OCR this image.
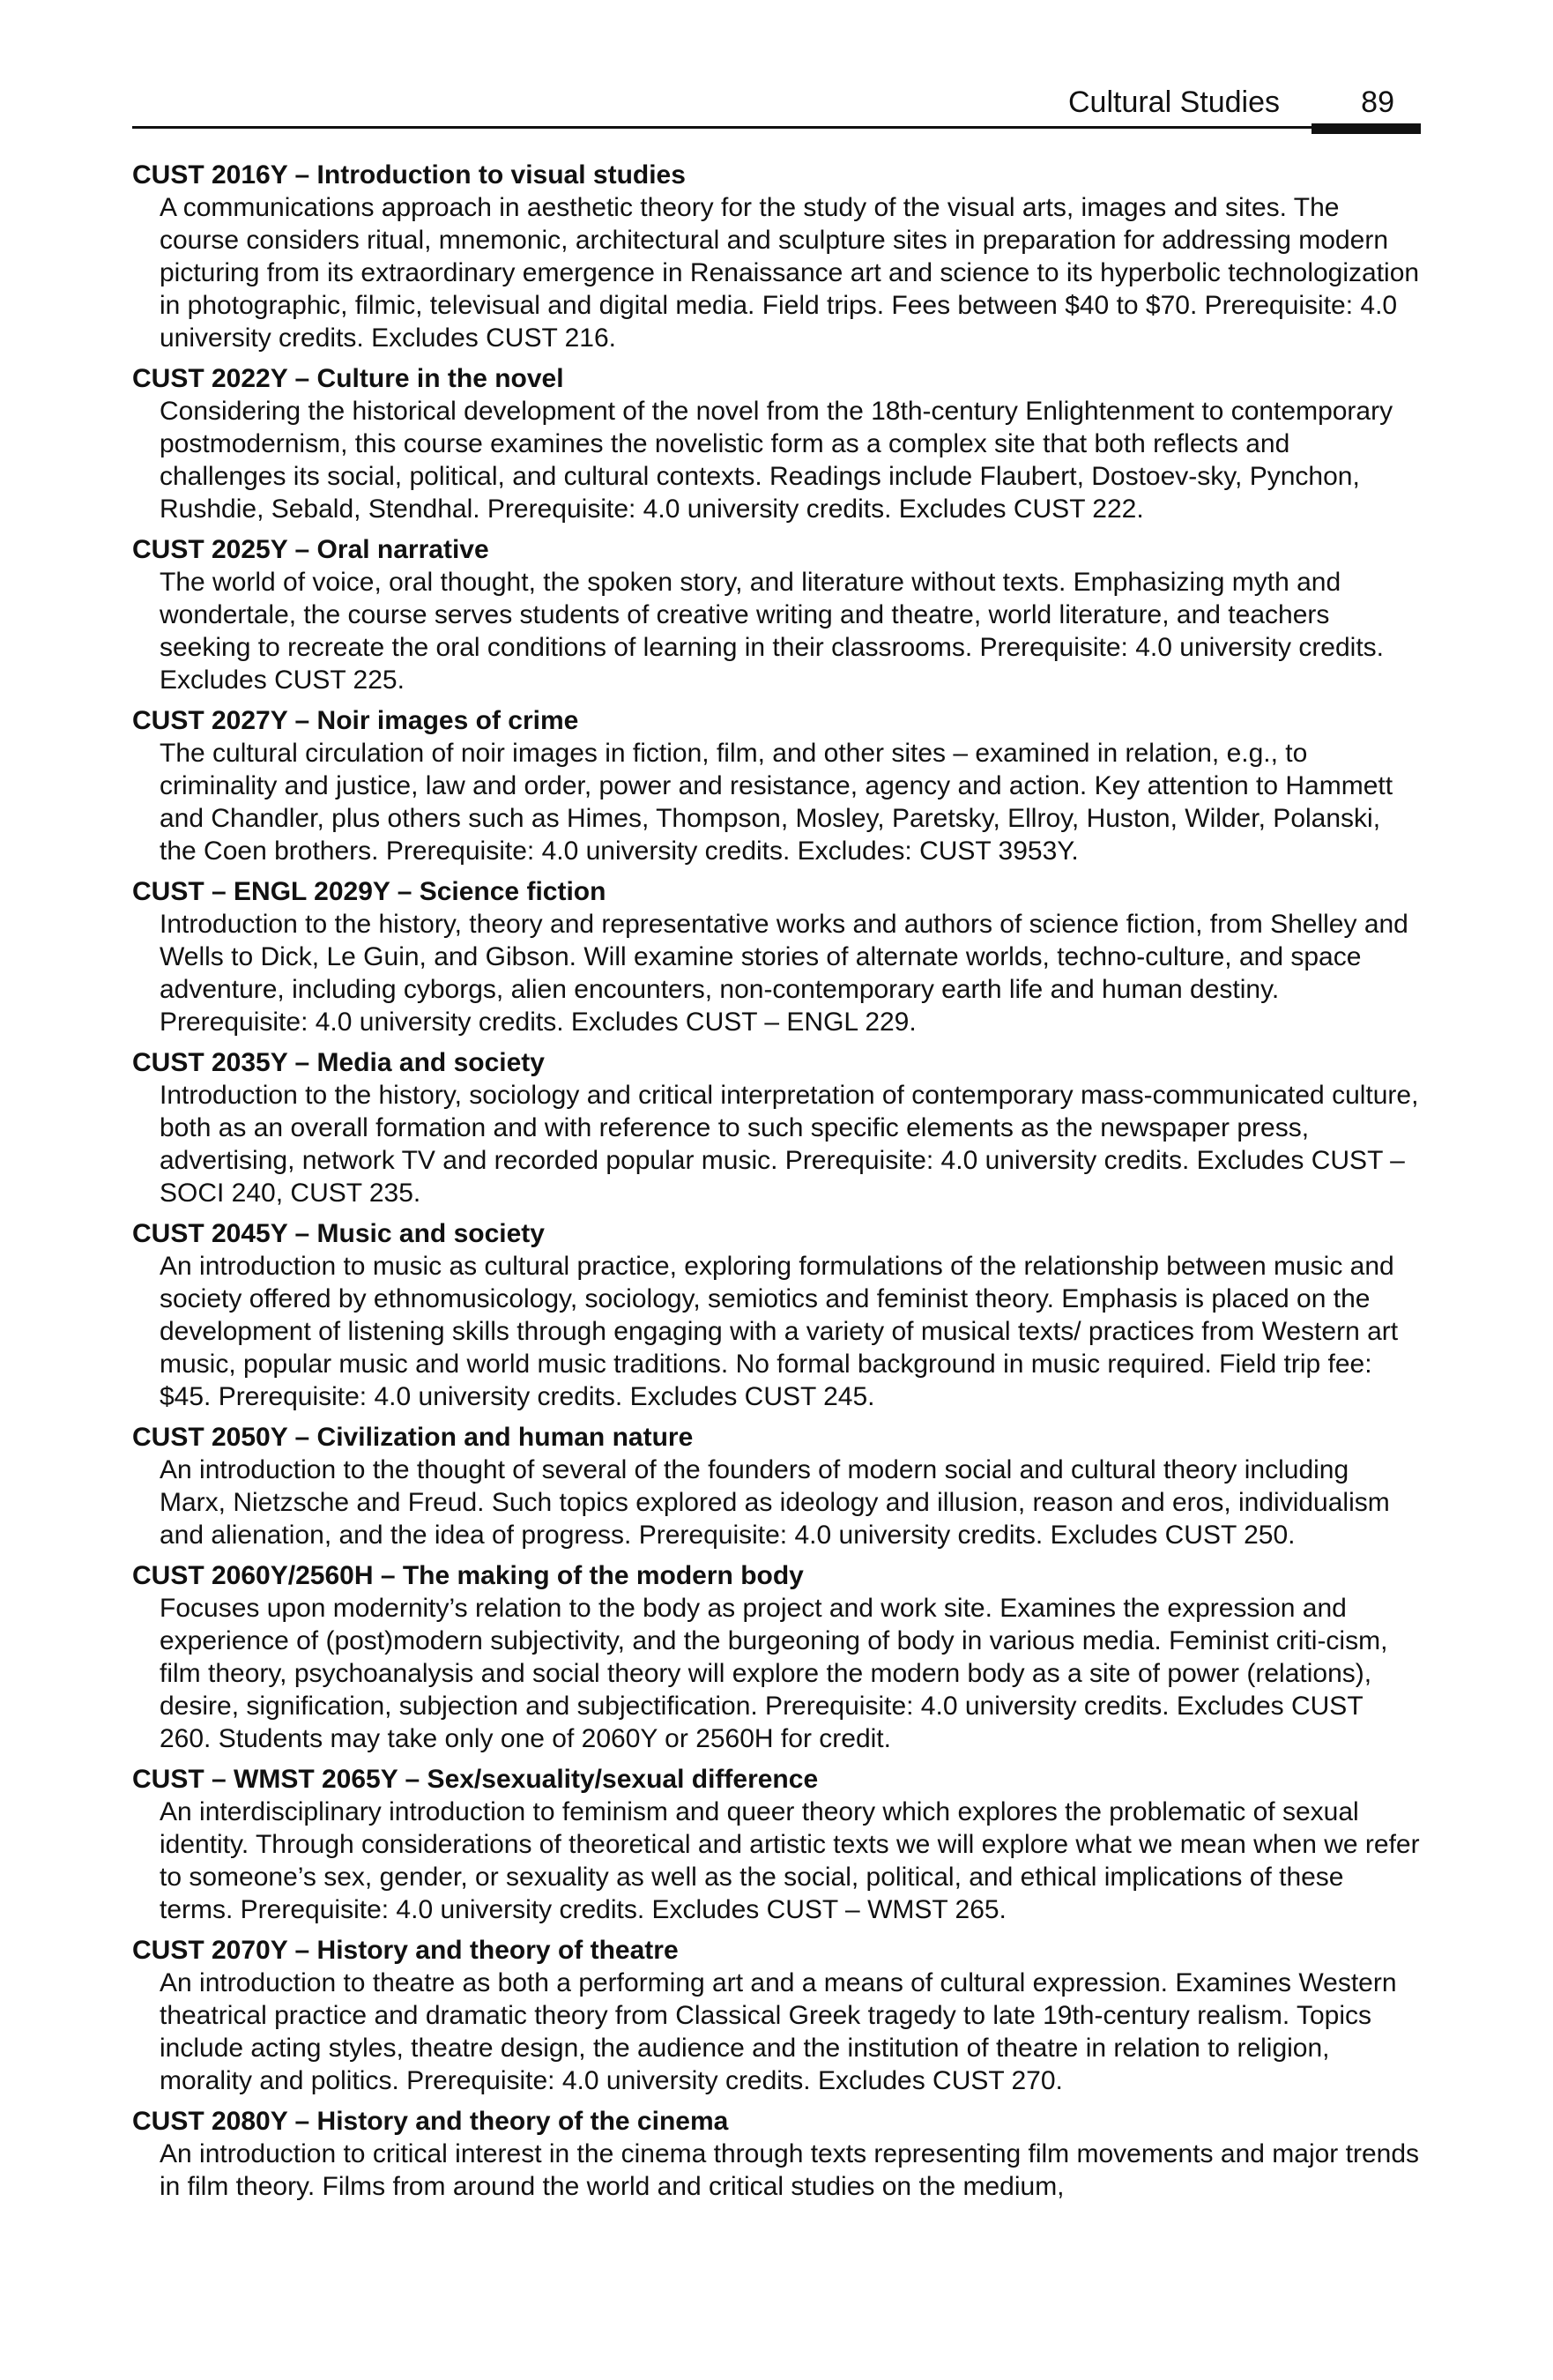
Cultural Studies	89

CUST 2016Y – Introduction to visual studies

A communications approach in aesthetic theory for the study of the visual arts, images and sites. The course considers ritual, mnemonic, architectural and sculpture sites in preparation for addressing modern picturing from its extraordinary emergence in Renaissance art and science to its hyperbolic technologization in photographic, filmic, televisual and digital media. Field trips. Fees between $40 to $70. Prerequisite: 4.0 university credits. Excludes CUST 216.

CUST 2022Y – Culture in the novel

Considering the historical development of the novel from the 18th-century Enlightenment to contemporary postmodernism, this course examines the novelistic form as a complex site that both reflects and challenges its social, political, and cultural contexts. Readings include Flaubert, Dostoev-sky, Pynchon, Rushdie, Sebald, Stendhal. Prerequisite: 4.0 university credits. Excludes CUST 222.

CUST 2025Y – Oral narrative

The world of voice, oral thought, the spoken story, and literature without texts. Emphasizing myth and wondertale, the course serves students of creative writing and theatre, world literature, and teachers seeking to recreate the oral conditions of learning in their classrooms. Prerequisite: 4.0 university credits. Excludes CUST 225.

CUST 2027Y – Noir images of crime

The cultural circulation of noir images in fiction, film, and other sites – examined in relation, e.g., to criminality and justice, law and order, power and resistance, agency and action. Key attention to Hammett and Chandler, plus others such as Himes, Thompson, Mosley, Paretsky, Ellroy, Huston, Wilder, Polanski, the Coen brothers. Prerequisite: 4.0 university credits. Excludes: CUST 3953Y.

CUST – ENGL 2029Y – Science fiction

Introduction to the history, theory and representative works and authors of science fiction, from Shelley and Wells to Dick, Le Guin, and Gibson. Will examine stories of alternate worlds, techno-culture, and space adventure, including cyborgs, alien encounters, non-contemporary earth life and human destiny. Prerequisite: 4.0 university credits. Excludes CUST – ENGL 229.

CUST 2035Y – Media and society

Introduction to the history, sociology and critical interpretation of contemporary mass-communicated culture, both as an overall formation and with reference to such specific elements as the newspaper press, advertising, network TV and recorded popular music. Prerequisite: 4.0 university credits. Excludes CUST – SOCI 240, CUST 235.

CUST 2045Y – Music and society

An introduction to music as cultural practice, exploring formulations of the relationship between music and society offered by ethnomusicology, sociology, semiotics and feminist theory. Emphasis is placed on the development of listening skills through engaging with a variety of musical texts/ practices from Western art music, popular music and world music traditions. No formal background in music required. Field trip fee: $45. Prerequisite: 4.0 university credits. Excludes CUST 245.

CUST 2050Y – Civilization and human nature

An introduction to the thought of several of the founders of modern social and cultural theory including Marx, Nietzsche and Freud. Such topics explored as ideology and illusion, reason and eros, individualism and alienation, and the idea of progress. Prerequisite: 4.0 university credits. Excludes CUST 250.

CUST 2060Y/2560H – The making of the modern body

Focuses upon modernity’s relation to the body as project and work site. Examines the expression and experience of (post)modern subjectivity, and the burgeoning of body in various media. Feminist criti-cism, film theory, psychoanalysis and social theory will explore the modern body as a site of power (relations), desire, signification, subjection and subjectification. Prerequisite: 4.0 university credits. Excludes CUST 260. Students may take only one of 2060Y or 2560H for credit.

CUST – WMST 2065Y – Sex/sexuality/sexual difference

An interdisciplinary introduction to feminism and queer theory which explores the problematic of sexual identity. Through considerations of theoretical and artistic texts we will explore what we mean when we refer to someone’s sex, gender, or sexuality as well as the social, political, and ethical implications of these terms. Prerequisite: 4.0 university credits. Excludes CUST – WMST 265.

CUST 2070Y – History and theory of theatre

An introduction to theatre as both a performing art and a means of cultural expression. Examines Western theatrical practice and dramatic theory from Classical Greek tragedy to late 19th-century realism. Topics include acting styles, theatre design, the audience and the institution of theatre in relation to religion, morality and politics. Prerequisite: 4.0 university credits. Excludes CUST 270.

CUST 2080Y – History and theory of the cinema

An introduction to critical interest in the cinema through texts representing film movements and major trends in film theory. Films from around the world and critical studies on the medium,
